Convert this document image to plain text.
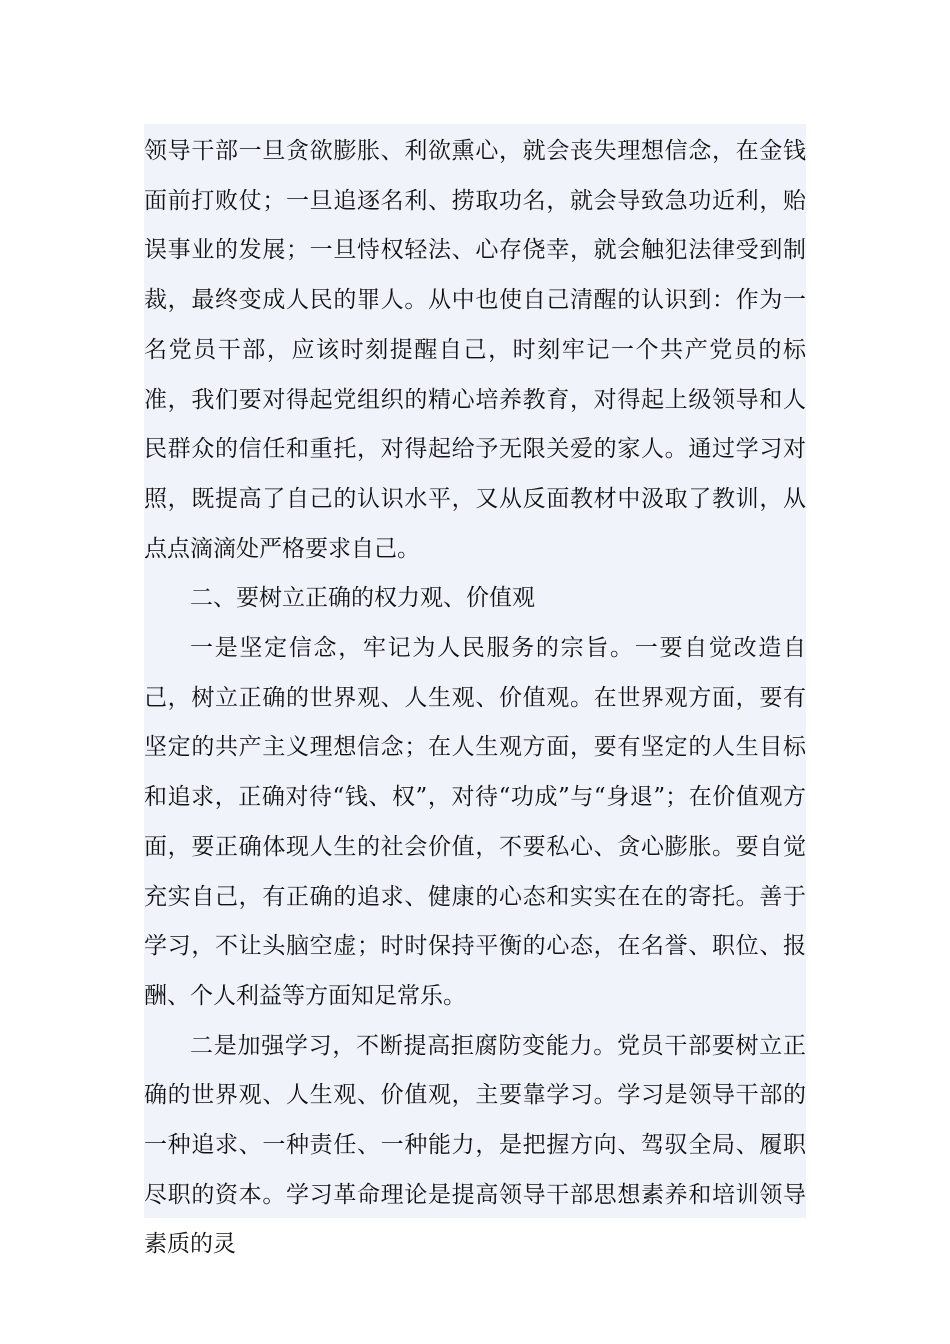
领导干部一旦贪欲膨胀、利欲熏心，就会丧失理想信念，在金钱面前打败仗；一旦追逐名利、捞取功名，就会导致急功近利，贻误事业的发展；一旦恃权轻法、心存侥幸，就会触犯法律受到制裁，最终变成人民的罪人。从中也使自己清醒的认识到：作为一名党员干部，应该时刻提醒自己，时刻牢记一个共产党员的标准，我们要对得起党组织的精心培养教育，对得起上级领导和人民群众的信任和重托，对得起给予无限关爱的家人。通过学习对照，既提高了自己的认识水平，又从反面教材中汲取了教训，从点点滴滴处严格要求自己。

二、要树立正确的权力观、价值观

一是坚定信念，牢记为人民服务的宗旨。一要自觉改造自己，树立正确的世界观、人生观、价值观。在世界观方面，要有坚定的共产主义理想信念；在人生观方面，要有坚定的人生目标和追求，正确对待“钱、权”，对待“功成”与“身退”；在价值观方面，要正确体现人生的社会价值，不要私心、贪心膨胀。要自觉充实自己，有正确的追求、健康的心态和实实在在的寄托。善于学习，不让头脑空虚；时时保持平衡的心态，在名誉、职位、报酬、个人利益等方面知足常乐。

二是加强学习，不断提高拒腐防变能力。党员干部要树立正确的世界观、人生观、价值观，主要靠学习。学习是领导干部的一种追求、一种责任、一种能力，是把握方向、驾驭全局、履职尽职的资本。学习革命理论是提高领导干部思想素养和培训领导素质的灵
